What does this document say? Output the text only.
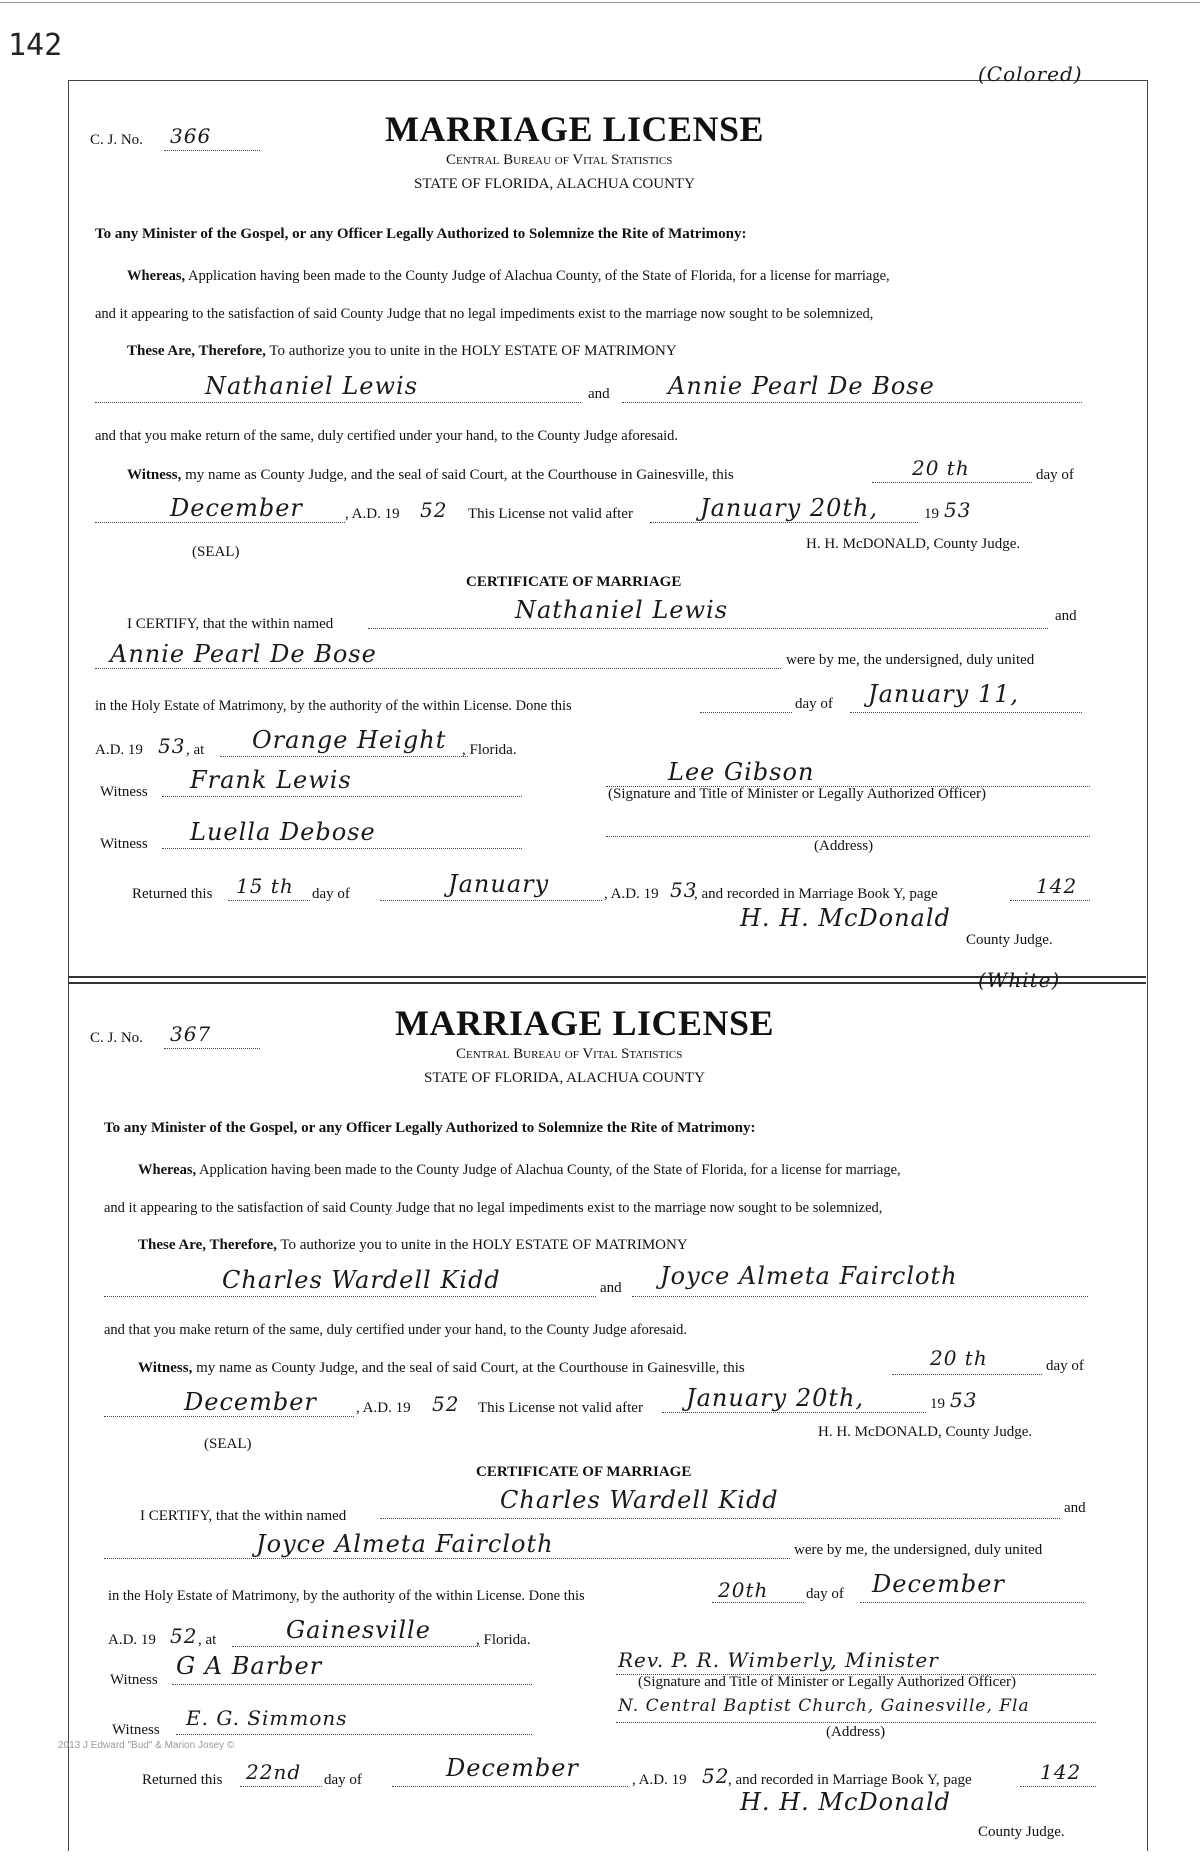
142
(Colored)
C. J. No. 366	MARRIAGE LICENSE
Central Bureau of Vital Statistics
STATE OF FLORIDA, ALACHUA COUNTY
To any Minister of the Gospel, or any Officer Legally Authorized to Solemnize the Rite of Matrimony:
Whereas, Application having been made to the County Judge of Alachua County, of the State of Florida, for a license for marriage,
and it appearing to the satisfaction of said County Judge that no legal impediments exist to the marriage now sought to be solemnized,
These Are, Therefore, To authorize you to unite in the HOLY ESTATE OF MATRIMONY
Nathaniel Lewis	and Annie Pearl De Bose
and that you make return of the same, duly certified under your hand, to the County Judge aforesaid.
Witness, my name as County Judge, and the seal of said Court, at the Courthouse in Gainesville, this	20 th	day of
December	, A.D. 19 52 This License not valid after	January 20th,	19 53
(SEAL)	H. H. McDONALD, County Judge.
CERTIFICATE OF MARRIAGE
I CERTIFY, that the within named	Nathaniel Lewis	and
Annie Pearl De Bose	were by me, the undersigned, duly united
in the Holy Estate of Matrimony, by the authority of the within License. Done this	day of January 11,
A.D. 19 53 , at Orange Height , Florida.
Witness Frank Lewis	Lee Gibson
(Signature and Title of Minister or Legally Authorized Officer)
Witness Luella Debose	(Address)
Returned this 15 th day of	January	, A.D. 19 53
, and recorded in Marriage Book Y, page	142
H. H. McDonald
County Judge.
(White)
C. J. No. 367	MARRIAGE LICENSE
Central Bureau of Vital Statistics
STATE OF FLORIDA, ALACHUA COUNTY
To any Minister of the Gospel, or any Officer Legally Authorized to Solemnize the Rite of Matrimony:
Whereas, Application having been made to the County Judge of Alachua County, of the State of Florida, for a license for marriage,
and it appearing to the satisfaction of said County Judge that no legal impediments exist to the marriage now sought to be solemnized,
These Are, Therefore, To authorize you to unite in the HOLY ESTATE OF MATRIMONY
Charles Wardell Kidd	and Joyce Almeta Faircloth
and that you make return of the same, duly certified under your hand, to the County Judge aforesaid.
Witness, my name as County Judge, and the seal of said Court, at the Courthouse in Gainesville, this	20 th	day of
December	, A.D. 19 52 This License not valid after January 20th,	19 53
(SEAL)
H. H. McDONALD, County Judge.
CERTIFICATE OF MARRIAGE
I CERTIFY, that the within named
Charles Wardell Kidd	and
Joyce Almeta Faircloth	were by me, the undersigned, duly united
in the Holy Estate of Matrimony, by the authority of the within License. Done this	20th	day of December
A.D. 19 52 , at	Gainesville	, Florida.
Witness G A Barber	Rev. P. R. Wimberly, Minister
(Signature and Title of Minister or Legally Authorized Officer)
Witness E. G. Simmons	N. Central Baptist Church, Gainesville, Fla
(Address)
2013 J Edward "Bud" & Marion Josey ©
Returned this 22nd day of	December	, A.D. 19 52
, and recorded in Marriage Book Y, page	142
H. H. McDonald
County Judge.
